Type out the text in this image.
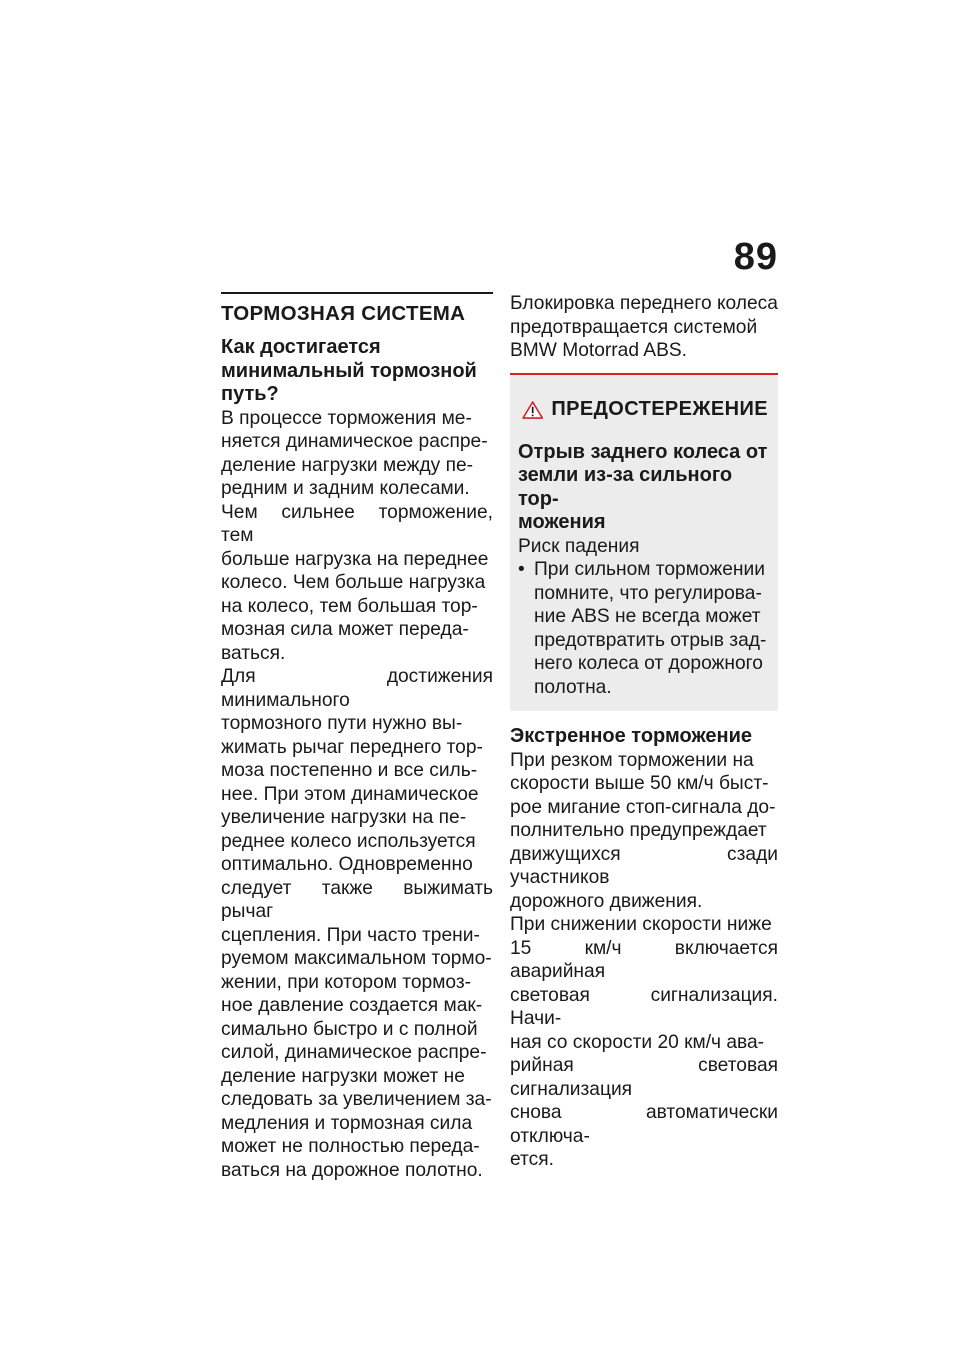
89
ТОРМОЗНАЯ СИСТЕМА
Как достигается
минимальный тормозной
путь?

В процессе торможения ме-
няется динамическое распре-
деление нагрузки между пе-
редним и задним колесами.
Чем сильнее торможение, тем
больше нагрузка на переднее
колесо. Чем больше нагрузка
на колесо, тем большая тор-
мозная сила может переда-
ваться.

Для достижения минимального
тормозного пути нужно вы-
жимать рычаг переднего тор-
моза постепенно и все силь-
нее. При этом динамическое
увеличение нагрузки на пе-
реднее колесо используется
оптимально. Одновременно
следует также выжимать рычаг
сцепления. При часто трени-
руемом максимальном тормо-
жении, при котором тормоз-
ное давление создается мак-
симально быстро и с полной
силой, динамическое распре-
деление нагрузки может не
следовать за увеличением за-
медления и тормозная сила
может не полностью переда-
ваться на дорожное полотно.

Блокировка переднего колеса
предотвращается системой
BMW Motorrad ABS.

ПРЕДОСТЕРЕЖЕНИЕ
Отрыв заднего колеса от
земли из-за сильного тор-
можения

Риск падения

• При сильном торможении
помните, что регулирова-
ние ABS не всегда может
предотвратить отрыв зад-
него колеса от дорожного
полотна.
Экстренное торможение

При резком торможении на
скорости выше 50 км/ч быст-
рое мигание стоп-сигнала до-
полнительно предупреждает
движущихся сзади участников
дорожного движения.

При снижении скорости ниже
15 км/ч включается аварийная
световая сигнализация. Начи-
ная со скорости 20 км/ч ава-
рийная световая сигнализация
снова автоматически отключа-
ется.
